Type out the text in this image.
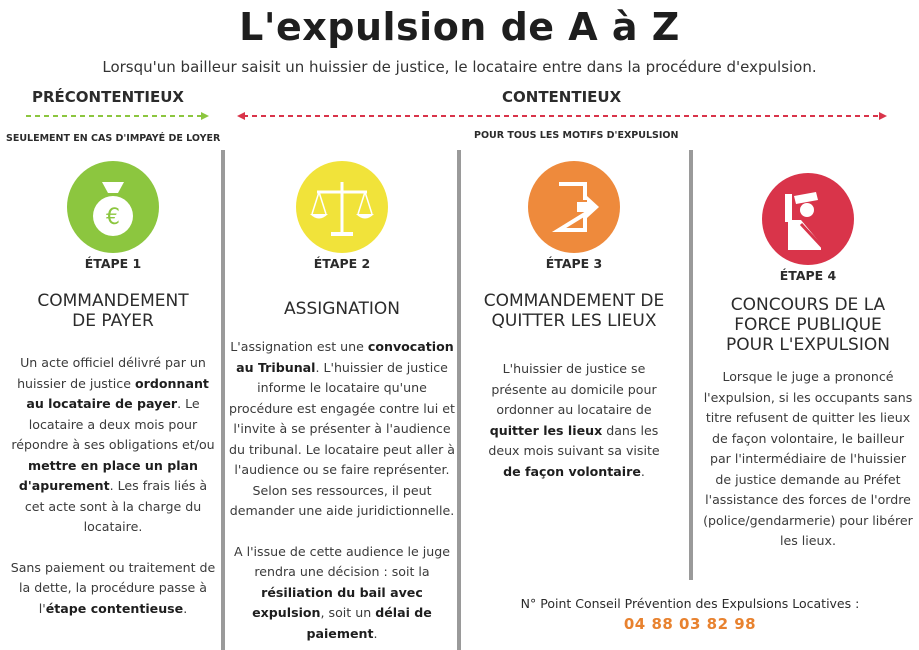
L'expulsion de A à Z
Lorsqu'un bailleur saisit un huissier de justice, le locataire entre dans la procédure d'expulsion.
PRÉCONTENTIEUX	CONTENTIEUX
SEULEMENT EN CAS D'IMPAYÉ DE LOYER	POUR TOUS LES MOTIFS D'EXPULSION
€
ÉTAPE 1
COMMANDEMENT
DE PAYER
Un acte officiel délivré par un huissier de justice ordonnant au locataire de payer. Le locataire a deux mois pour répondre à ses obligations et/ou mettre en place un plan d'apurement. Les frais liés à cet acte sont à la charge du locataire.
Sans paiement ou traitement de la dette, la procédure passe à l'étape contentieuse.
ÉTAPE 2
ASSIGNATION
L'assignation est une convocation au Tribunal. L'huissier de justice informe le locataire qu'une procédure est engagée contre lui et l'invite à se présenter à l'audience du tribunal. Le locataire peut aller à l'audience ou se faire représenter. Selon ses ressources, il peut demander une aide juridictionnelle.
A l'issue de cette audience le juge rendra une décision : soit la résiliation du bail avec expulsion, soit un délai de paiement.
ÉTAPE 3
COMMANDEMENT DE
QUITTER LES LIEUX
L'huissier de justice se présente au domicile pour ordonner au locataire de quitter les lieux dans les deux mois suivant sa visite de façon volontaire.
ÉTAPE 4
CONCOURS DE LA
FORCE PUBLIQUE
POUR L'EXPULSION
Lorsque le juge a prononcé l'expulsion, si les occupants sans titre refusent de quitter les lieux de façon volontaire, le bailleur par l'intermédiaire de l'huissier de justice demande au Préfet l'assistance des forces de l'ordre (police/gendarmerie) pour libérer les lieux.
N° Point Conseil Prévention des Expulsions Locatives :
04 88 03 82 98
